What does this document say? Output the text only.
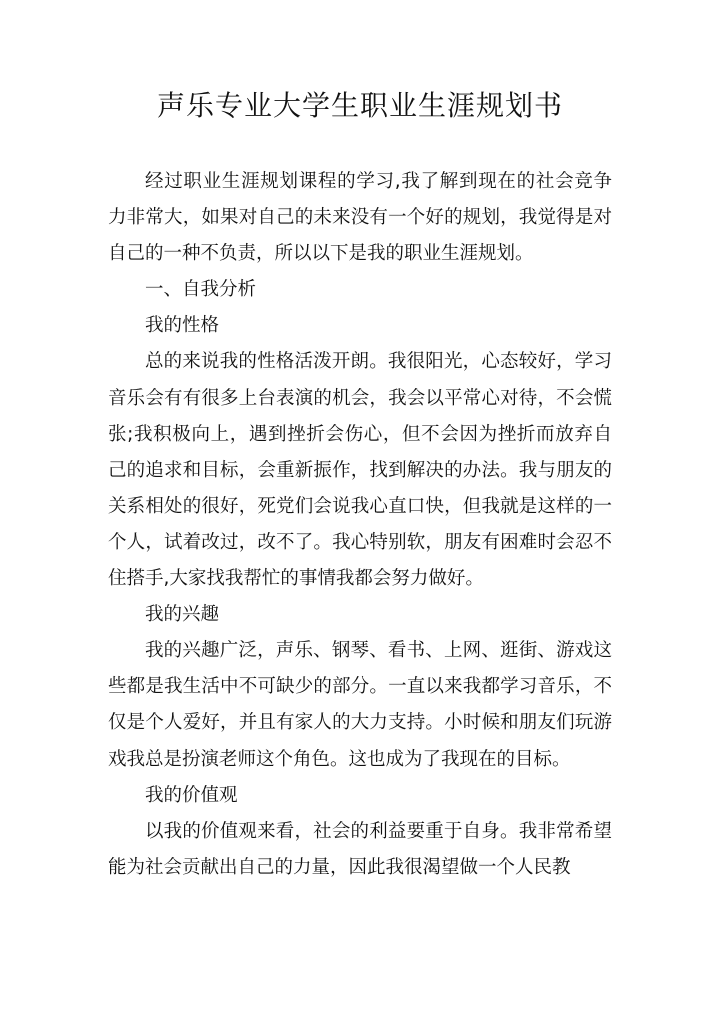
声乐专业大学生职业生涯规划书

经过职业生涯规划课程的学习,我了解到现在的社会竞争力非常大，如果对自己的未来没有一个好的规划，我觉得是对自己的一种不负责，所以以下是我的职业生涯规划。

一、自我分析

我的性格

总的来说我的性格活泼开朗。我很阳光，心态较好，学习音乐会有有很多上台表演的机会，我会以平常心对待，不会慌张;我积极向上，遇到挫折会伤心，但不会因为挫折而放弃自己的追求和目标，会重新振作，找到解决的办法。我与朋友的关系相处的很好，死党们会说我心直口快，但我就是这样的一个人，试着改过，改不了。我心特别软，朋友有困难时会忍不住搭手,大家找我帮忙的事情我都会努力做好。

我的兴趣

我的兴趣广泛，声乐、钢琴、看书、上网、逛街、游戏这些都是我生活中不可缺少的部分。一直以来我都学习音乐，不仅是个人爱好，并且有家人的大力支持。小时候和朋友们玩游戏我总是扮演老师这个角色。这也成为了我现在的目标。

我的价值观

以我的价值观来看，社会的利益要重于自身。我非常希望能为社会贡献出自己的力量，因此我很渴望做一个人民教
